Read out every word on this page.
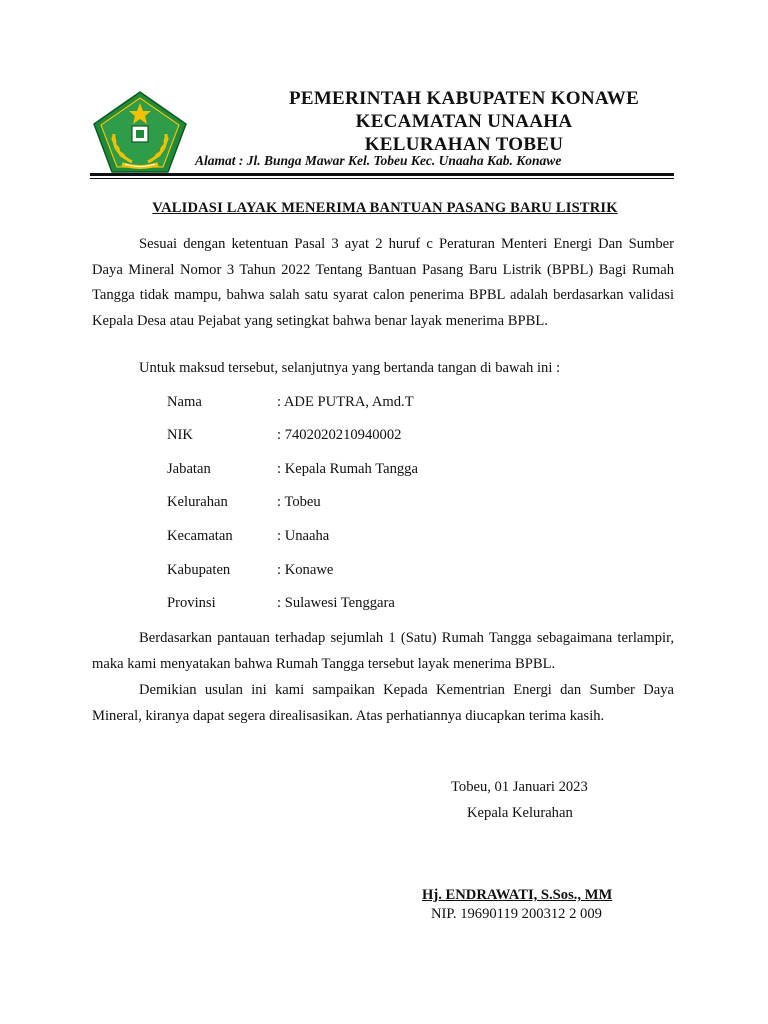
PEMERINTAH KABUPATEN KONAWE
KECAMATAN UNAAHA
KELURAHAN TOBEU
Alamat : Jl. Bunga Mawar Kel. Tobeu Kec. Unaaha Kab. Konawe
VALIDASI LAYAK MENERIMA BANTUAN PASANG BARU LISTRIK

Sesuai dengan ketentuan Pasal 3 ayat 2 huruf c Peraturan Menteri Energi Dan Sumber Daya Mineral Nomor 3 Tahun 2022 Tentang Bantuan Pasang Baru Listrik (BPBL) Bagi Rumah Tangga tidak mampu, bahwa salah satu syarat calon penerima BPBL adalah berdasarkan validasi Kepala Desa atau Pejabat yang setingkat bahwa benar layak menerima BPBL.

Untuk maksud tersebut, selanjutnya yang bertanda tangan di bawah ini :

Nama	: ADE PUTRA, Amd.T
NIK	: 7402020210940002
Jabatan	: Kepala Rumah Tangga
Kelurahan	: Tobeu
Kecamatan	: Unaaha
Kabupaten	: Konawe
Provinsi	: Sulawesi Tenggara

Berdasarkan pantauan terhadap sejumlah 1 (Satu) Rumah Tangga sebagaimana terlampir, maka kami menyatakan bahwa Rumah Tangga tersebut layak menerima BPBL.

Demikian usulan ini kami sampaikan Kepada Kementrian Energi dan Sumber Daya Mineral, kiranya dapat segera direalisasikan. Atas perhatiannya diucapkan terima kasih.

Tobeu, 01 Januari 2023
Kepala Kelurahan
Hj. ENDRAWATI, S.Sos., MM
NIP. 19690119 200312 2 009
